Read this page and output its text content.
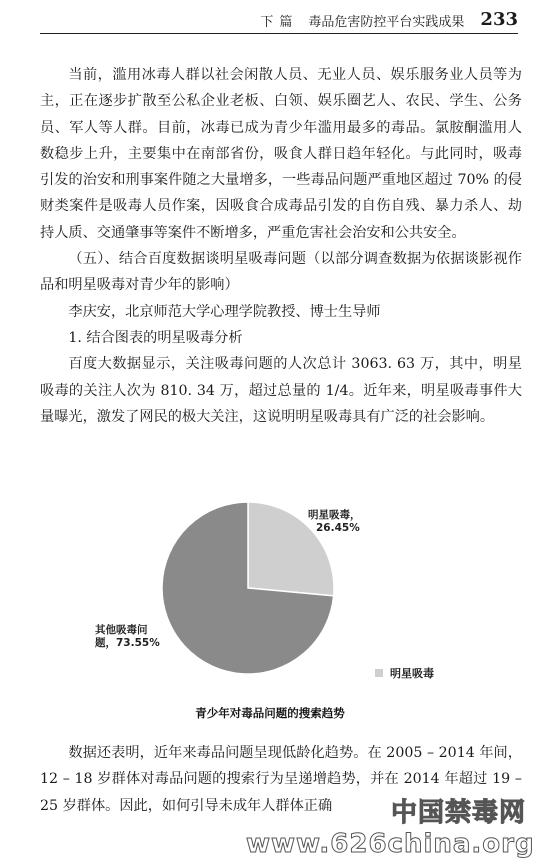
下篇 毒品危害防控平台实践成果 233

当前，滥用冰毒人群以社会闲散人员、无业人员、娱乐服务业人员等为主，正在逐步扩散至公私企业老板、白领、娱乐圈艺人、农民、学生、公务员、军人等人群。目前，冰毒已成为青少年滥用最多的毒品。氯胺酮滥用人数稳步上升，主要集中在南部省份，吸食人群日趋年轻化。与此同时，吸毒引发的治安和刑事案件随之大量增多，一些毒品问题严重地区超过 70% 的侵财类案件是吸毒人员作案，因吸食合成毒品引发的自伤自残、暴力杀人、劫持人质、交通肇事等案件不断增多，严重危害社会治安和公共安全。

（五）、结合百度数据谈明星吸毒问题（以部分调查数据为依据谈影视作品和明星吸毒对青少年的影响）

李庆安，北京师范大学心理学院教授、博士生导师

1. 结合图表的明星吸毒分析

百度大数据显示，关注吸毒问题的人次总计 3063. 63 万，其中，明星吸毒的关注人次为 810. 34 万，超过总量的 1/4。近年来，明星吸毒事件大量曝光，激发了网民的极大关注，这说明明星吸毒具有广泛的社会影响。

明星吸毒， 26.45%
其他吸毒问题，73.55%
明星吸毒
青少年对毒品问题的搜索趋势

数据还表明，近年来毒品问题呈现低龄化趋势。在 2005 – 2014 年间，12 – 18 岁群体对毒品问题的搜索行为呈递增趋势，并在 2014 年超过 19 – 25 岁群体。因此，如何引导未成年人群体正确	中国禁毒网 www.626china.org
